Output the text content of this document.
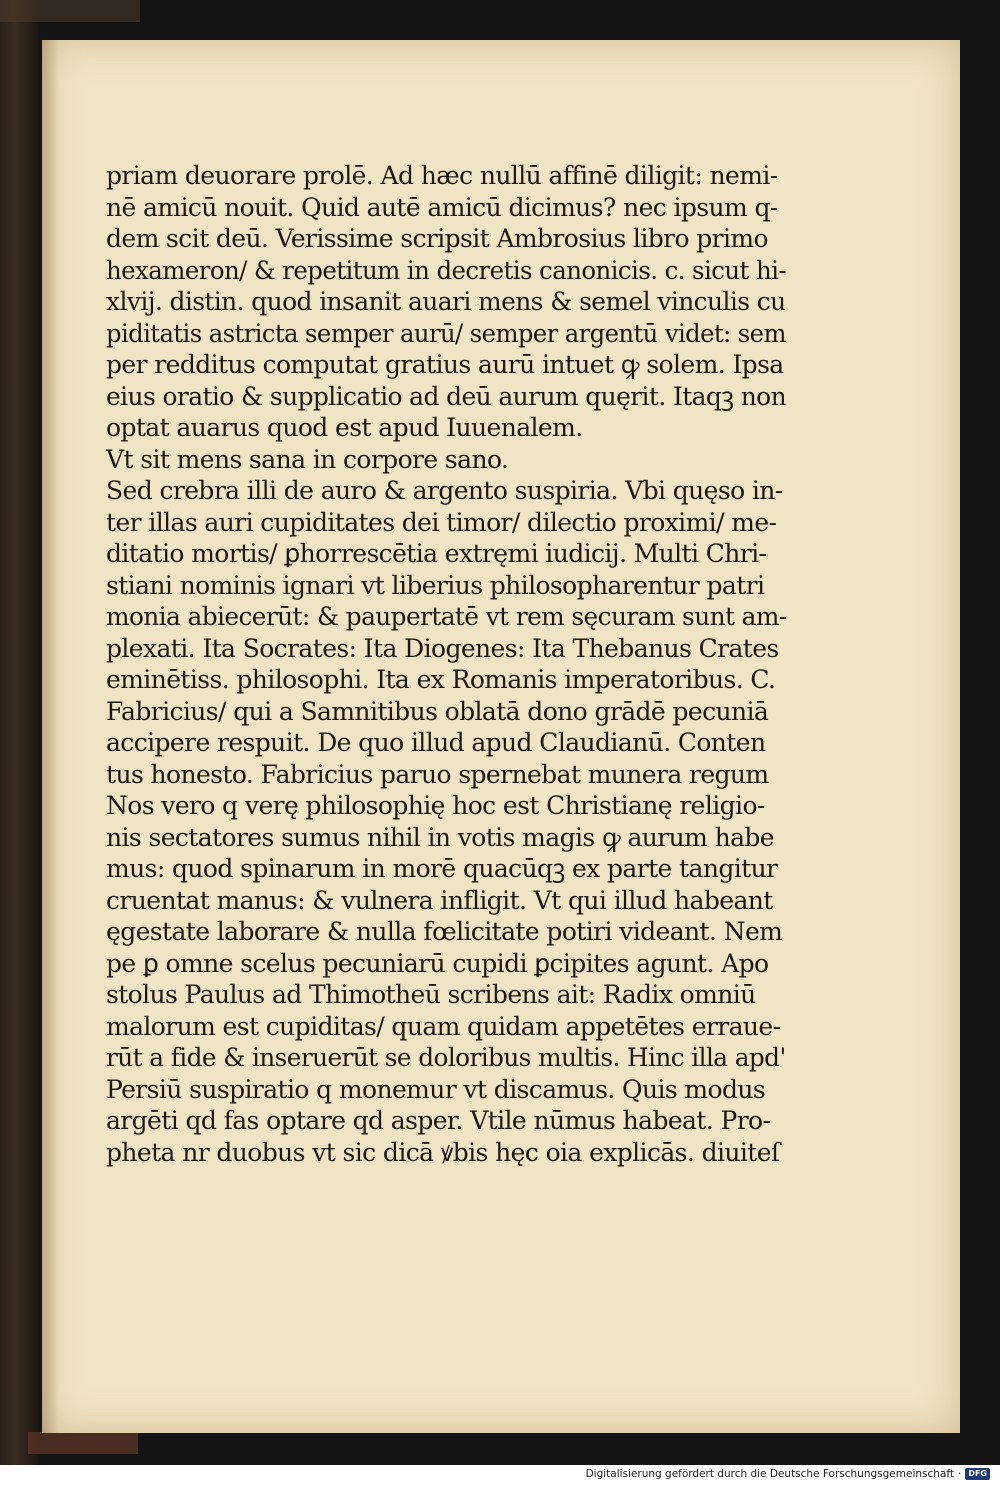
priam deuorare prolē. Ad hæc nullū affinē diligit: nemi-
nē amicū nouit. Quid autē amicū dicimus? nec ipsum q-
dem scit deū. Verissime scripsit Ambrosius libro primo
hexameron/ & repetitum in decretis canonicis. c. sicut hi-
xlvij. distin. quod insanit auari mens & semel vinculis cu
piditatis astricta semper aurū/ semper argentū videt: sem
per redditus computat gratius aurū intuet ꝙ solem. Ipsa
eius oratio & supplicatio ad deū aurum quęrit. Itaqꝫ non
optat auarus quod est apud Iuuenalem.
Vt sit mens sana in corpore sano.
Sed crebra illi de auro & argento suspiria. Vbi quęso in-
ter illas auri cupiditates dei timor/ dilectio proximi/ me-
ditatio mortis/ ꝑhorrescētia extręmi iudicij. Multi Chri-
stiani nominis ignari vt liberius philosopharentur patri
monia abiecerūt: & paupertatē vt rem sęcuram sunt am-
plexati. Ita Socrates: Ita Diogenes: Ita Thebanus Crates
eminētiss. philosophi. Ita ex Romanis imperatoribus. C.
Fabricius/ qui a Samnitibus oblatā dono grādē pecuniā
accipere respuit. De quo illud apud Claudianū. Conten
tus honesto. Fabricius paruo spernebat munera regum
Nos vero q verę philosophię hoc est Christianę religio-
nis sectatores sumus nihil in votis magis ꝙ aurum habe
mus: quod spinarum in morē quacūqꝫ ex parte tangitur
cruentat manus: & vulnera infligit. Vt qui illud habeant
ęgestate laborare & nulla fœlicitate potiri videant. Nem
pe ꝑ omne scelus pecuniarū cupidi ꝑcipites agunt. Apo
stolus Paulus ad Thimotheū scribens ait: Radix omniū
malorum est cupiditas/ quam quidam appetētes erraue-
rūt a fide & inseruerūt se doloribus multis. Hinc illa apd'
Persiū suspiratio q monemur vt discamus. Quis modus
argēti qd fas optare qd asper. Vtile nūmus habeat. Pro-
pheta nr duobus vt sic dicā ꝟbis hęc oia explicās. diuiteſ
Digitalisierung gefördert durch die Deutsche Forschungsgemeinschaft · DFG
